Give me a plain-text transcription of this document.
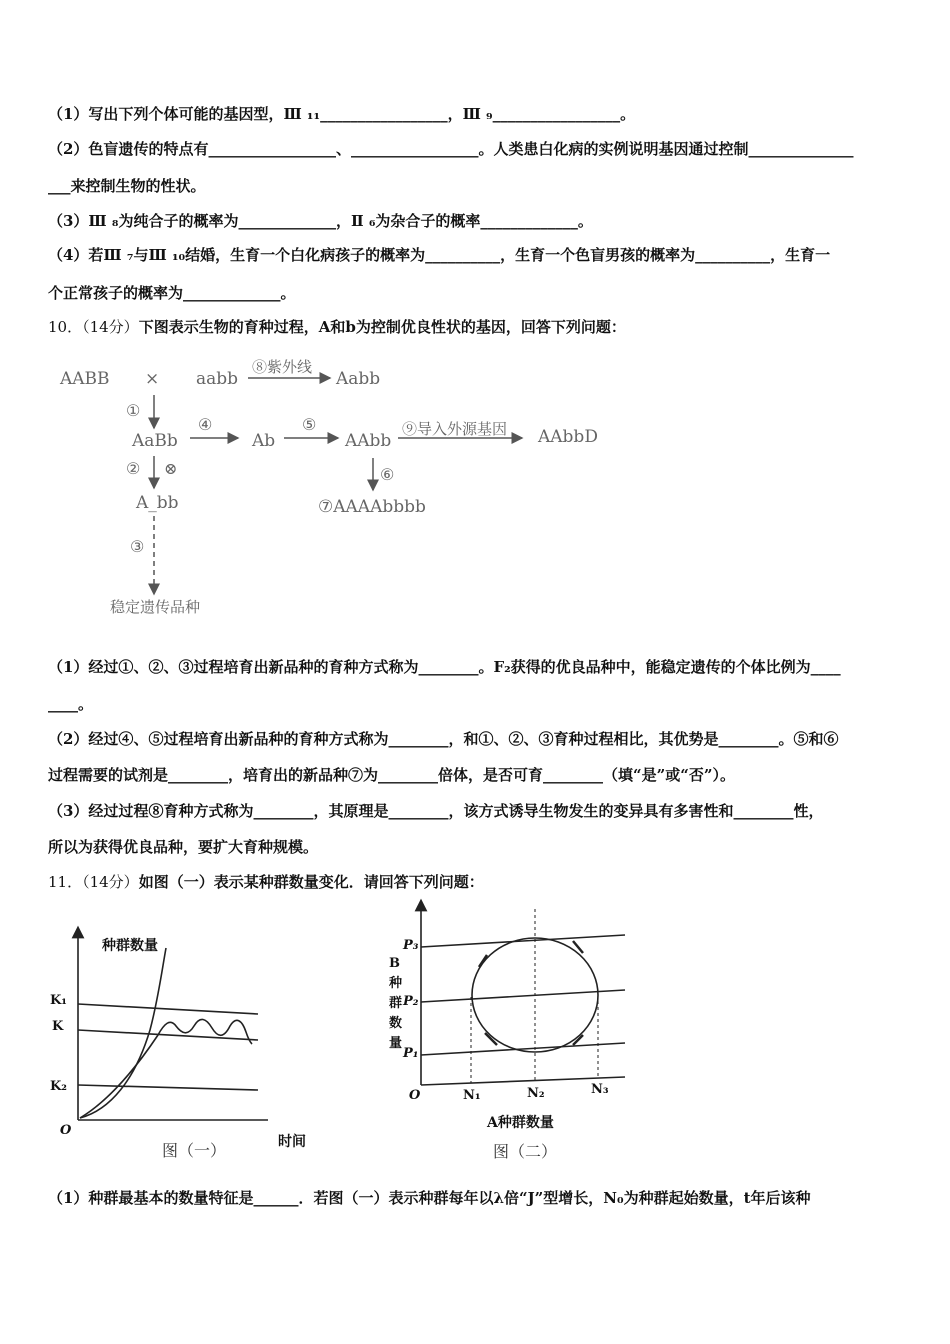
（1）写出下列个体可能的基因型，Ⅲ ₁₁_________________，Ⅲ ₉_________________。
（2）色盲遗传的特点有_________________、_________________。人类患白化病的实例说明基因通过控制______________
___来控制生物的性状。
（3）Ⅲ ₈为纯合子的概率为_____________，Ⅱ ₆为杂合子的概率_____________。
（4）若Ⅲ ₇与Ⅲ ₁₀结婚，生育一个白化病孩子的概率为__________，生育一个色盲男孩的概率为__________，生育一
个正常孩子的概率为_____________。
10．（14分）下图表示生物的育种过程，A和b为控制优良性状的基因，回答下列问题：
AABB × aabb
⑧紫外线
Aabb
①
AaBb
④
Ab
⑤
AAbb
⑨导入外源基因 AAbbD
② ⊗	⑥
A_bb	⑦AAAAbbbb
③
稳定遗传品种
（1）经过①、②、③过程培育出新品种的育种方式称为________。F₂获得的优良品种中，能稳定遗传的个体比例为____
____。
（2）经过④、⑤过程培育出新品种的育种方式称为________，和①、②、③育种过程相比，其优势是________。⑤和⑥
过程需要的试剂是________，培育出的新品种⑦为________倍体，是否可育________（填“是”或“否”）。
（3）经过过程⑧育种方式称为________，其原理是________，该方式诱导生物发生的变异具有多害性和________性，
所以为获得优良品种，要扩大育种规模。
11．（14分）如图（一）表示某种群数量变化．请回答下列问题：
种群数量
K₁
K
K₂
O
时间
图（一）
B
种
群
数
量
P₃
P₂
P₁
O	N₁	N₂	N₃
A种群数量
图（二）
（1）种群最基本的数量特征是______．若图（一）表示种群每年以λ倍“J”型增长，N₀为种群起始数量，t年后该种
